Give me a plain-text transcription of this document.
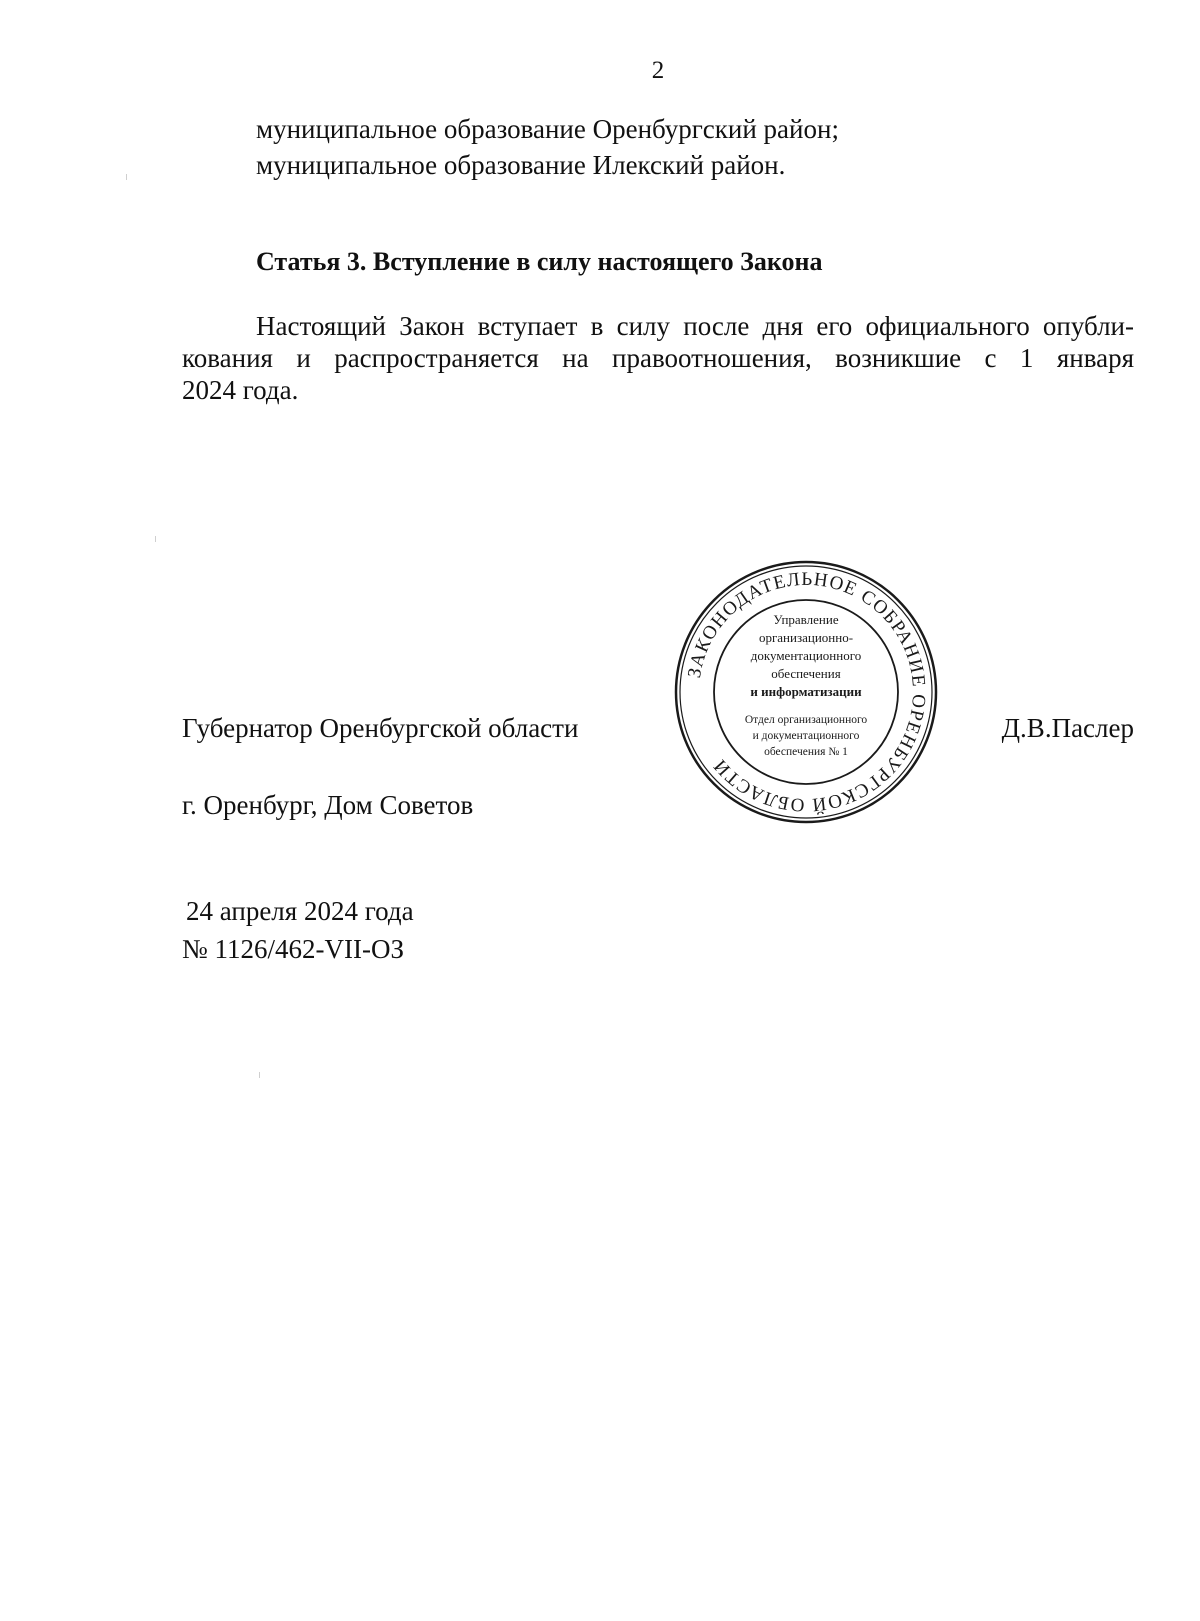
2
муниципальное образование Оренбургский район;
муниципальное образование Илекский район.
Статья 3. Вступление в силу настоящего Закона
Настоящий Закон вступает в силу после дня его официального опубли-
кования и распространяется на правоотношения, возникшие с 1 января
2024 года.
Губернатор Оренбургской области	Д.В.Паслер
ЗАКОНОДАТЕЛЬНОЕ СОБРАНИЕ ОРЕНБУРГСКОЙ ОБЛАСТИ
Управление
организационно-
документационного
обеспечения
и информатизации
Отдел организационного
и документационного
обеспечения № 1
г. Оренбург, Дом Советов
24 апреля 2024 года
№ 1126/462-VII-ОЗ
